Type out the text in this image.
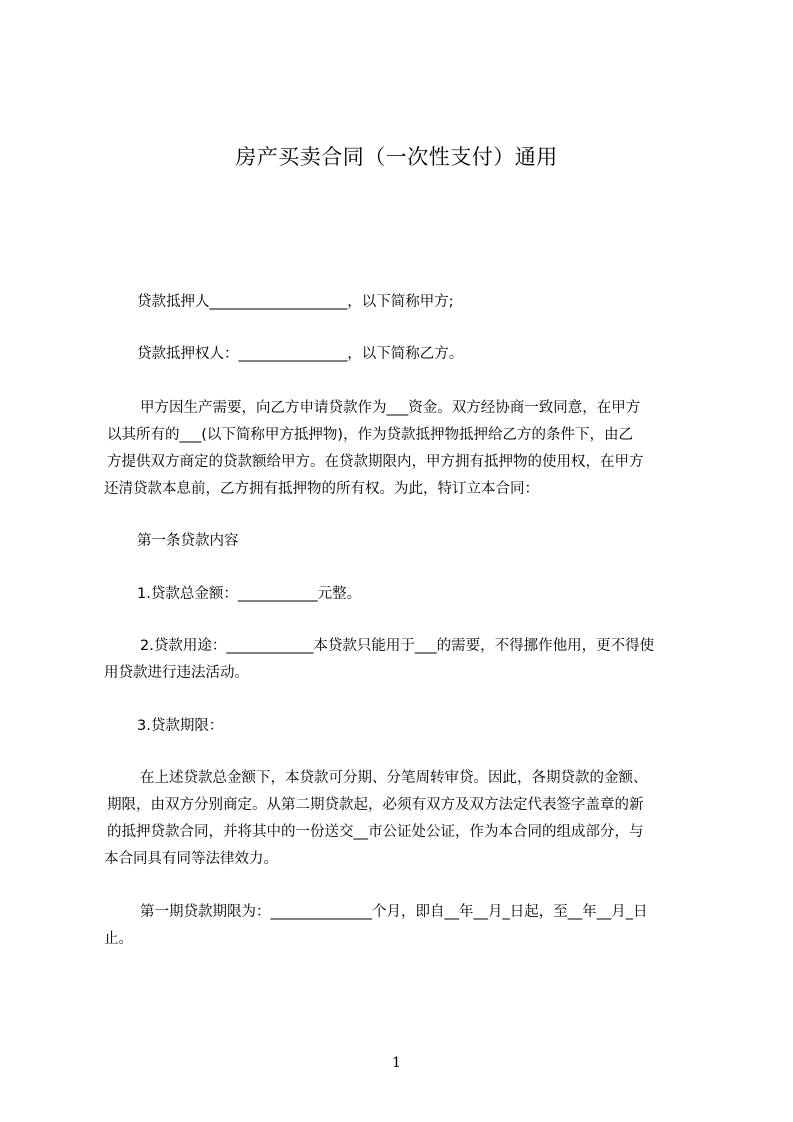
房产买卖合同（一次性支付）通用
贷款抵押人___________________，以下简称甲方;
贷款抵押权人：_______________，以下简称乙方。
甲方因生产需要，向乙方申请贷款作为___资金。双方经协商一致同意，在甲方
以其所有的___(以下简称甲方抵押物)，作为贷款抵押物抵押给乙方的条件下，由乙
方提供双方商定的贷款额给甲方。在贷款期限内，甲方拥有抵押物的使用权，在甲方
还清贷款本息前，乙方拥有抵押物的所有权。为此，特订立本合同：
第一条贷款内容
1.贷款总金额：___________元整。
2.贷款用途：____________本贷款只能用于___的需要，不得挪作他用，更不得使
用贷款进行违法活动。
3.贷款期限：
在上述贷款总金额下，本贷款可分期、分笔周转审贷。因此，各期贷款的金额、
期限，由双方分别商定。从第二期贷款起，必须有双方及双方法定代表签字盖章的新
的抵押贷款合同，并将其中的一份送交__市公证处公证，作为本合同的组成部分，与
本合同具有同等法律效力。
第一期贷款期限为：______________个月，即自__年__月_日起，至__年__月_日
止。
1
